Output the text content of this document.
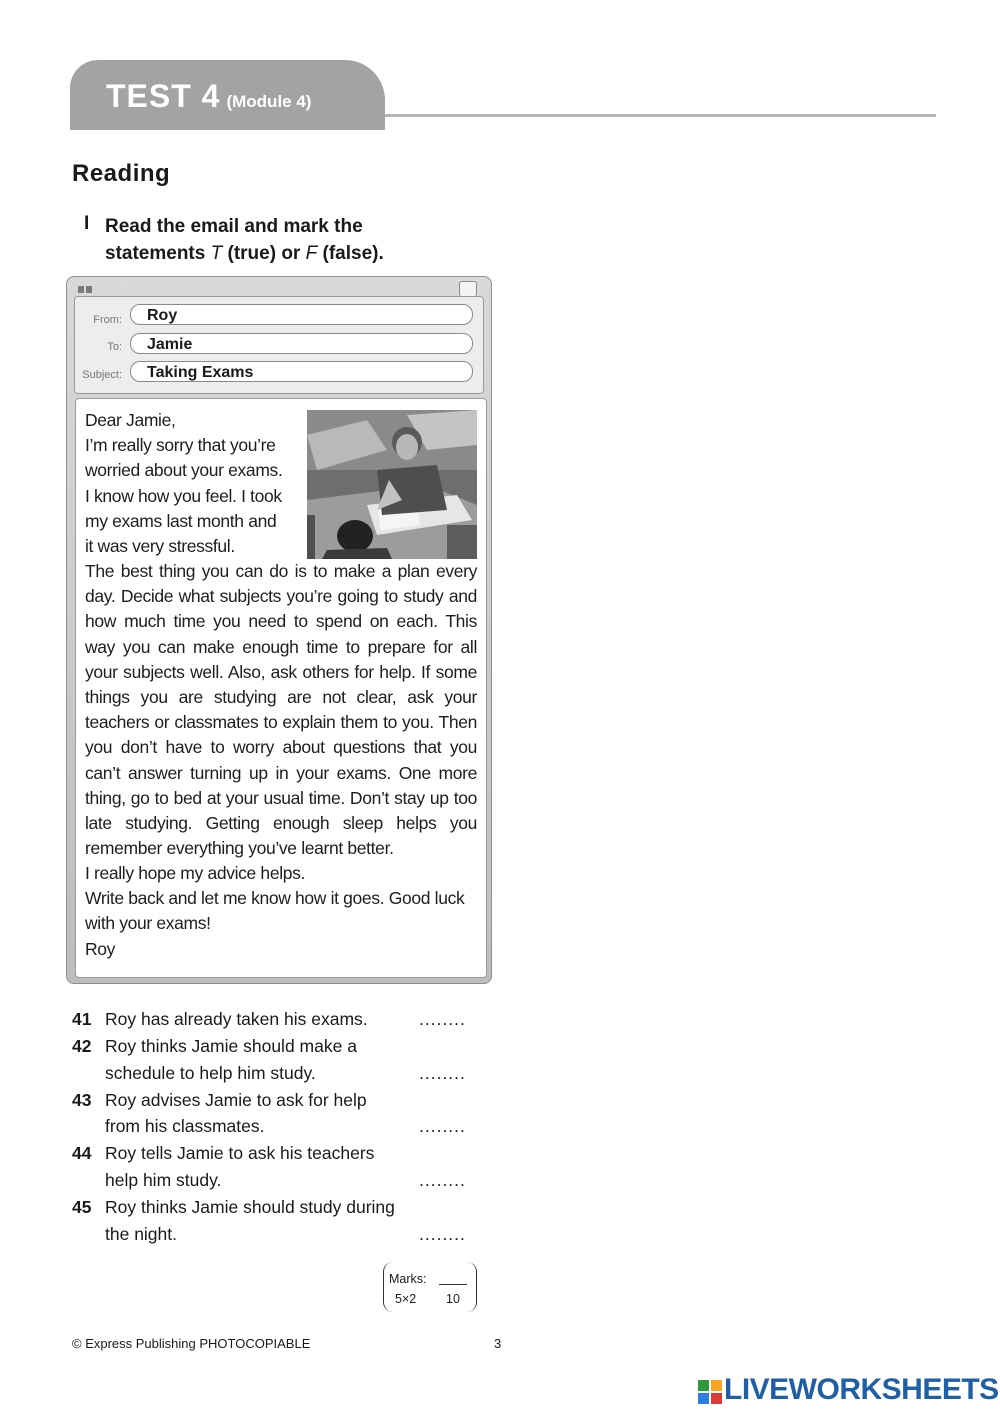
TEST 4 (Module 4)
Reading
I Read the email and mark the statements T (true) or F (false).
From:	Roy
To:	Jamie
Subject:	Taking Exams
Dear Jamie,
I’m really sorry that you’re
worried about your exams.
I know how you feel. I took
my exams last month and
it was very stressful.
The best thing you can do is to make a plan every day. Decide what subjects you’re going to study and how much time you need to spend on each. This way you can make enough time to prepare for all your subjects well. Also, ask others for help. If some things you are studying are not clear, ask your teachers or classmates to explain them to you. Then you don’t have to worry about questions that you can’t answer turning up in your exams. One more thing, go to bed at your usual time. Don’t stay up too late studying. Getting enough sleep helps you remember everything you’ve learnt better.
I really hope my advice helps.
Write back and let me know how it goes. Good luck with your exams!
Roy
41 Roy has already taken his exams.	........
42 Roy thinks Jamie should make a
schedule to help him study.	........
43 Roy advises Jamie to ask for help
from his classmates.	........
44 Roy tells Jamie to ask his teachers
help him study.	........
45 Roy thinks Jamie should study during
the night.	........
Marks:
5×2 10
© Express Publishing PHOTOCOPIABLE	3
LIVEWORKSHEETS
